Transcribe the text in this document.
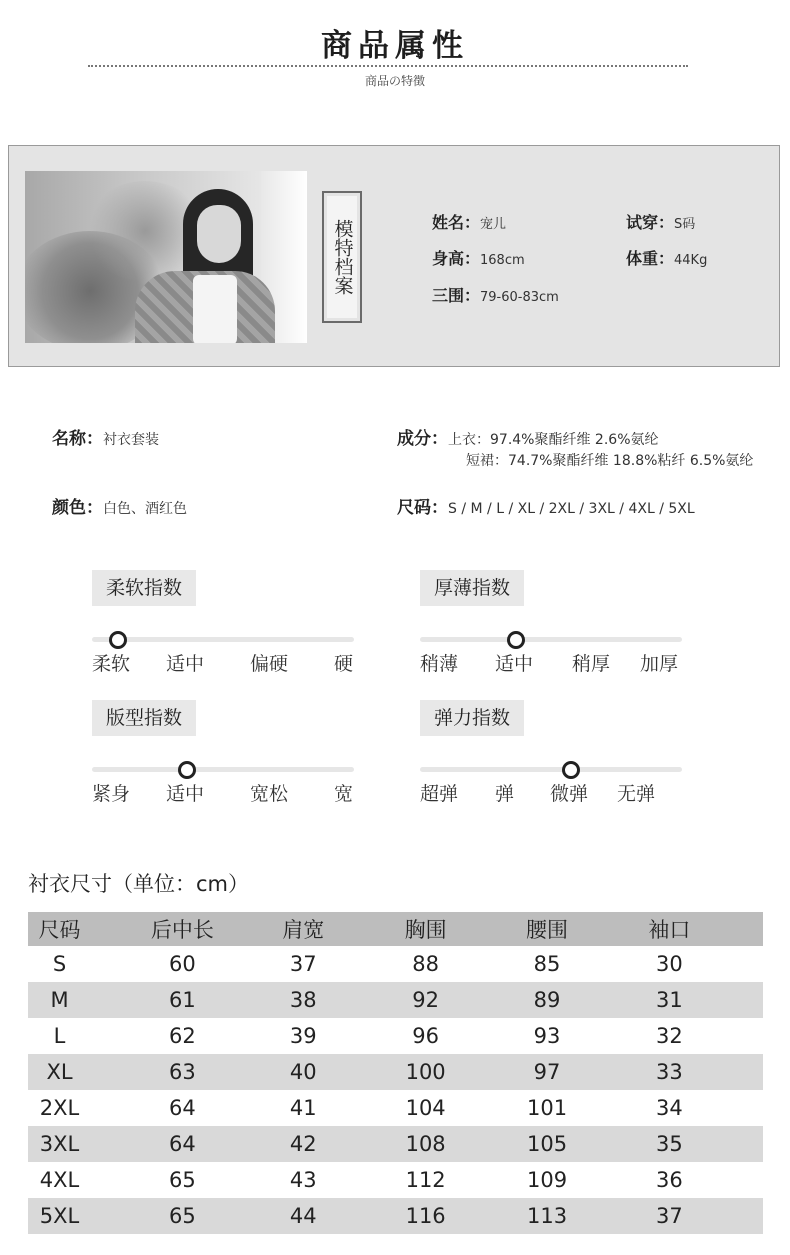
商品属性
商品の特徴
模特档案	姓名：宠儿	试穿：S码
身高：168cm	体重：44Kg
三围：79-60-83cm
名称：衬衣套装	成分：上衣：97.4%聚酯纤维 2.6%氨纶
短裙：74.7%聚酯纤维 18.8%粘纤 6.5%氨纶
颜色：白色、酒红色	尺码：S / M / L / XL / 2XL / 3XL / 4XL / 5XL
柔软指数
柔软 适中 偏硬 硬
厚薄指数
稍薄 适中 稍厚 加厚
版型指数
紧身 适中 宽松 宽
弹力指数
超弹 弹 微弹 无弹
衬衣尺寸（单位：cm）
尺码	后中长	肩宽	胸围	腰围	袖口
S	60	37	88	85	30
M	61	38	92	89	31
L	62	39	96	93	32
XL	63	40	100	97	33
2XL	64	41	104	101	34
3XL	64	42	108	105	35
4XL	65	43	112	109	36
5XL	65	44	116	113	37
